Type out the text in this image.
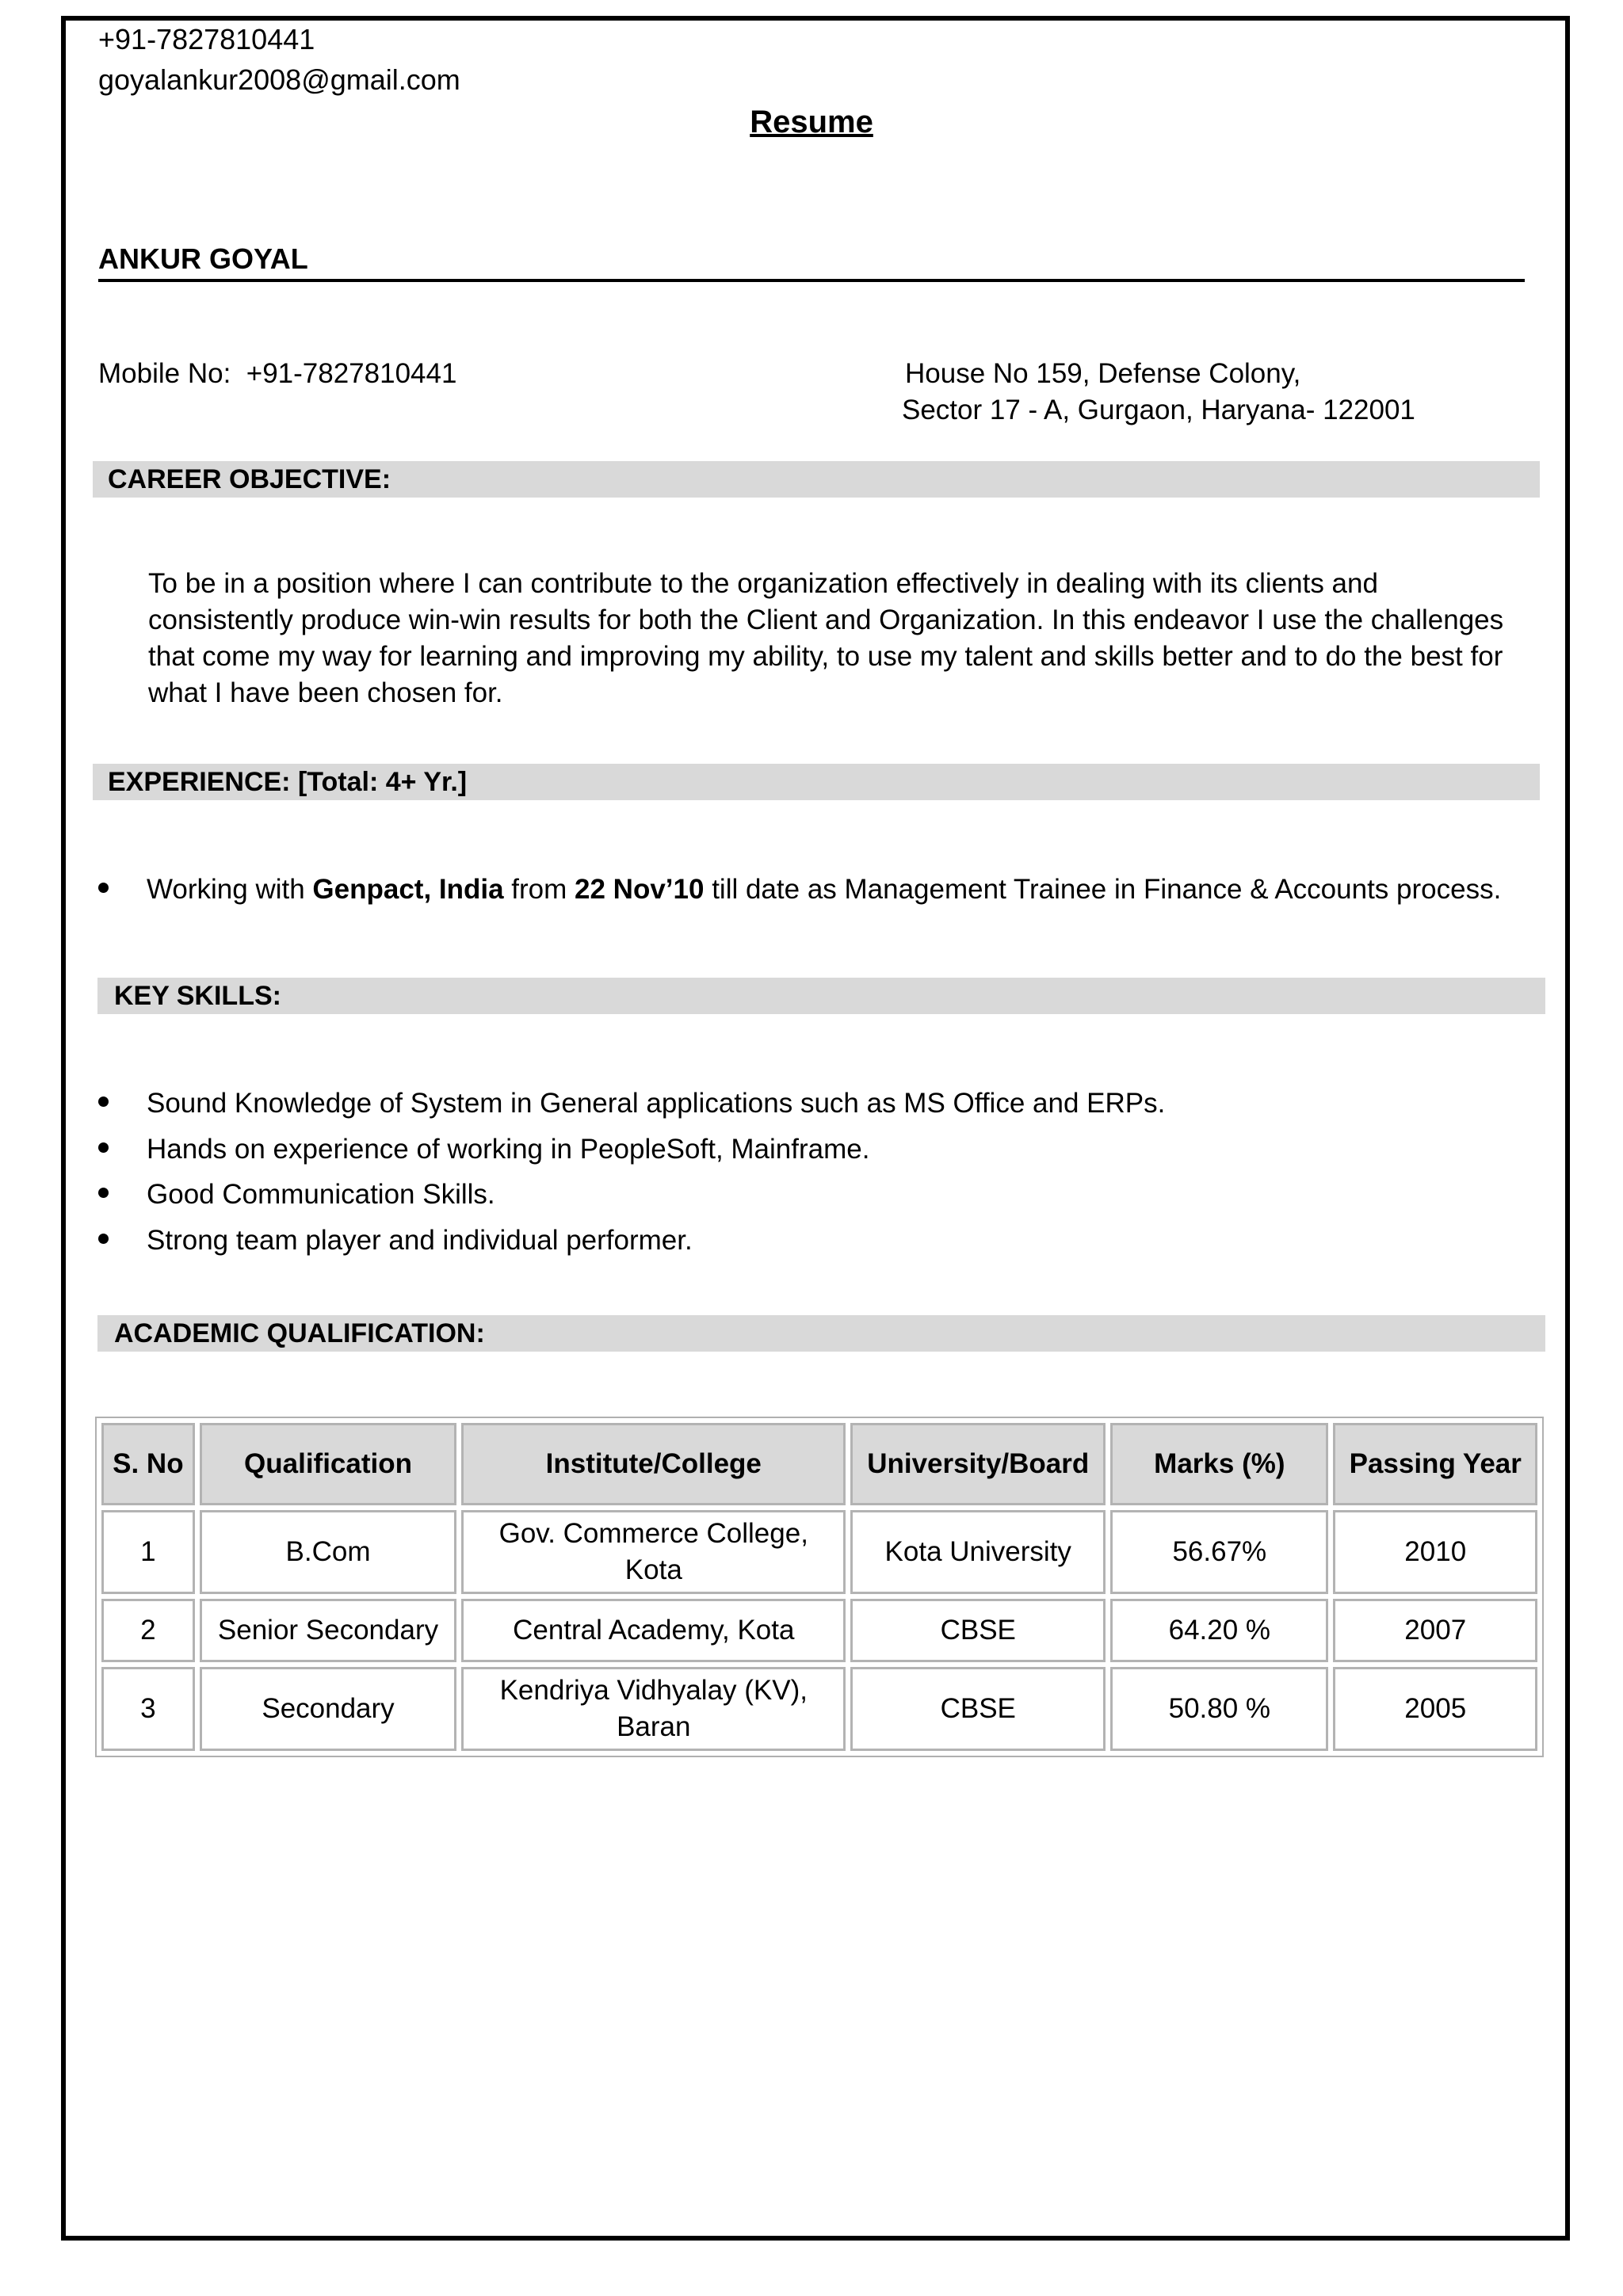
+91-7827810441
goyalankur2008@gmail.com
Resume
ANKUR GOYAL
Mobile No: +91-7827810441	House No 159, Defense Colony,
Sector 17 - A, Gurgaon, Haryana- 122001
CAREER OBJECTIVE:
To be in a position where I can contribute to the organization effectively in dealing with its clients and consistently produce win-win results for both the Client and Organization. In this endeavor I use the challenges that come my way for learning and improving my ability, to use my talent and skills better and to do the best for what I have been chosen for.
EXPERIENCE: [Total: 4+ Yr.]
Working with Genpact, India from 22 Nov’10 till date as Management Trainee in Finance & Accounts process.
KEY SKILLS:
Sound Knowledge of System in General applications such as MS Office and ERPs.
Hands on experience of working in PeopleSoft, Mainframe.
Good Communication Skills.
Strong team player and individual performer.
ACADEMIC QUALIFICATION:
S. No	Qualification	Institute/College	University/Board	Marks (%)	Passing Year
1	B.Com	Gov. Commerce College, Kota	Kota University	56.67%	2010
2	Senior Secondary	Central Academy, Kota	CBSE	64.20 %	2007
3	Secondary	Kendriya Vidhyalay (KV), Baran	CBSE	50.80 %	2005
